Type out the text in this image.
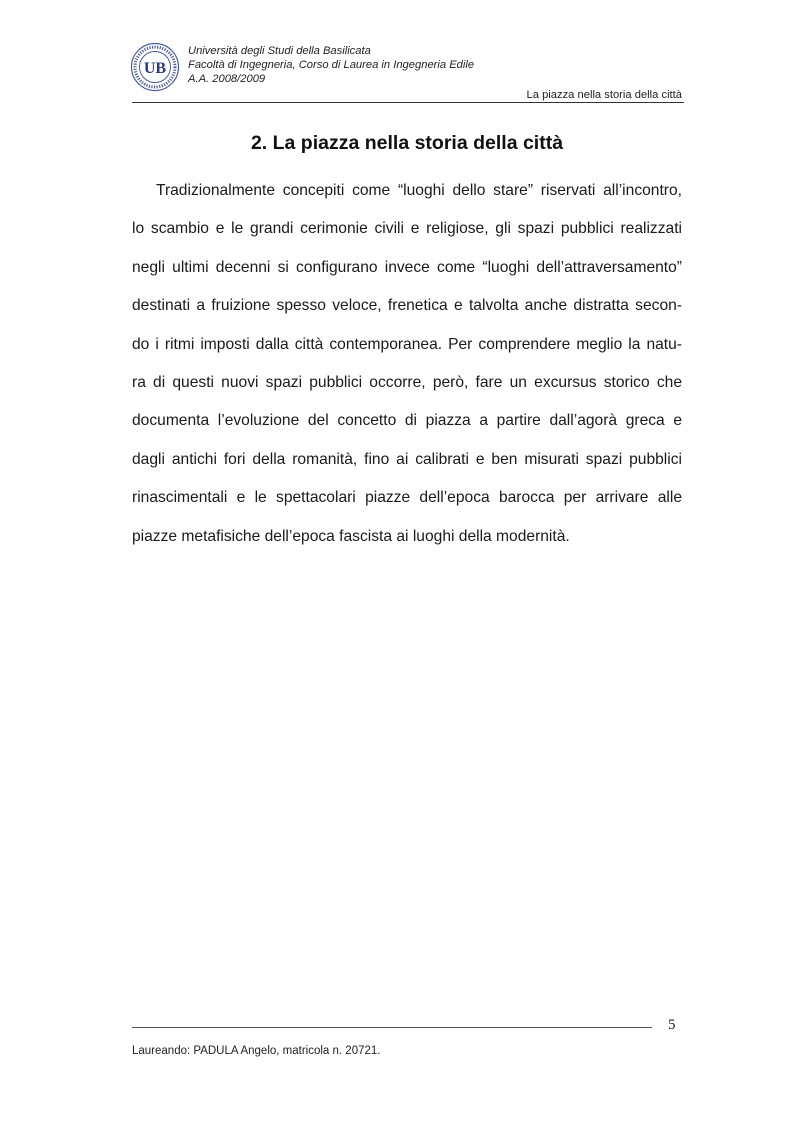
UB
Università degli Studi della Basilicata
Facoltà di Ingegneria, Corso di Laurea in Ingegneria Edile
A.A. 2008/2009
La piazza nella storia della città
2. La piazza nella storia della città
Tradizionalmente concepiti come “luoghi dello stare” riservati all’incontro,
lo scambio e le grandi cerimonie civili e religiose, gli spazi pubblici realizzati
negli ultimi decenni si configurano invece come “luoghi dell’attraversamento”
destinati a fruizione spesso veloce, frenetica e talvolta anche distratta secon-
do i ritmi imposti dalla città contemporanea. Per comprendere meglio la natu-
ra di questi nuovi spazi pubblici occorre, però, fare un excursus storico che
documenta l’evoluzione del concetto di piazza a partire dall’agorà greca e
dagli antichi fori della romanità, fino ai calibrati e ben misurati spazi pubblici
rinascimentali e le spettacolari piazze dell’epoca barocca per arrivare alle
piazze metafisiche dell’epoca fascista ai luoghi della modernità.
5
Laureando: PADULA Angelo, matricola n. 20721.
